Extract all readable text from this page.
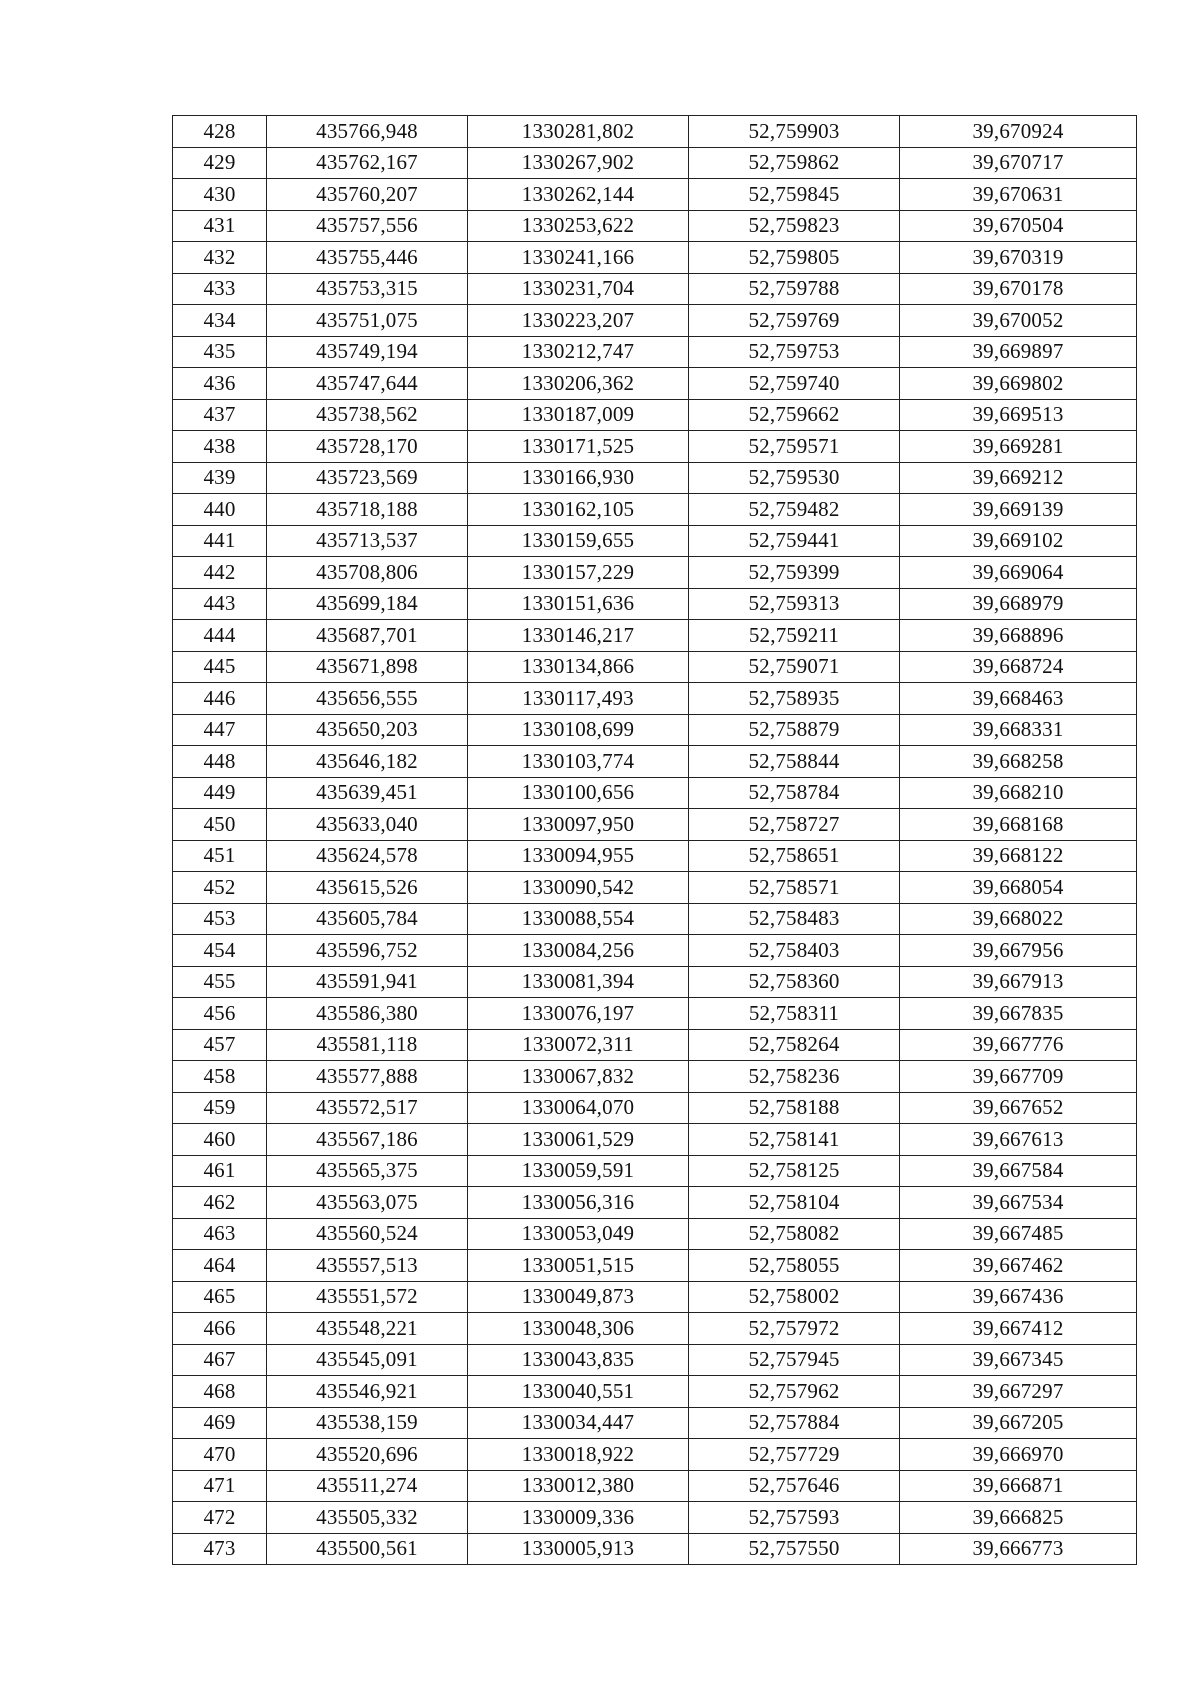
428	435766,948	1330281,802	52,759903	39,670924
429	435762,167	1330267,902	52,759862	39,670717
430	435760,207	1330262,144	52,759845	39,670631
431	435757,556	1330253,622	52,759823	39,670504
432	435755,446	1330241,166	52,759805	39,670319
433	435753,315	1330231,704	52,759788	39,670178
434	435751,075	1330223,207	52,759769	39,670052
435	435749,194	1330212,747	52,759753	39,669897
436	435747,644	1330206,362	52,759740	39,669802
437	435738,562	1330187,009	52,759662	39,669513
438	435728,170	1330171,525	52,759571	39,669281
439	435723,569	1330166,930	52,759530	39,669212
440	435718,188	1330162,105	52,759482	39,669139
441	435713,537	1330159,655	52,759441	39,669102
442	435708,806	1330157,229	52,759399	39,669064
443	435699,184	1330151,636	52,759313	39,668979
444	435687,701	1330146,217	52,759211	39,668896
445	435671,898	1330134,866	52,759071	39,668724
446	435656,555	1330117,493	52,758935	39,668463
447	435650,203	1330108,699	52,758879	39,668331
448	435646,182	1330103,774	52,758844	39,668258
449	435639,451	1330100,656	52,758784	39,668210
450	435633,040	1330097,950	52,758727	39,668168
451	435624,578	1330094,955	52,758651	39,668122
452	435615,526	1330090,542	52,758571	39,668054
453	435605,784	1330088,554	52,758483	39,668022
454	435596,752	1330084,256	52,758403	39,667956
455	435591,941	1330081,394	52,758360	39,667913
456	435586,380	1330076,197	52,758311	39,667835
457	435581,118	1330072,311	52,758264	39,667776
458	435577,888	1330067,832	52,758236	39,667709
459	435572,517	1330064,070	52,758188	39,667652
460	435567,186	1330061,529	52,758141	39,667613
461	435565,375	1330059,591	52,758125	39,667584
462	435563,075	1330056,316	52,758104	39,667534
463	435560,524	1330053,049	52,758082	39,667485
464	435557,513	1330051,515	52,758055	39,667462
465	435551,572	1330049,873	52,758002	39,667436
466	435548,221	1330048,306	52,757972	39,667412
467	435545,091	1330043,835	52,757945	39,667345
468	435546,921	1330040,551	52,757962	39,667297
469	435538,159	1330034,447	52,757884	39,667205
470	435520,696	1330018,922	52,757729	39,666970
471	435511,274	1330012,380	52,757646	39,666871
472	435505,332	1330009,336	52,757593	39,666825
473	435500,561	1330005,913	52,757550	39,666773
